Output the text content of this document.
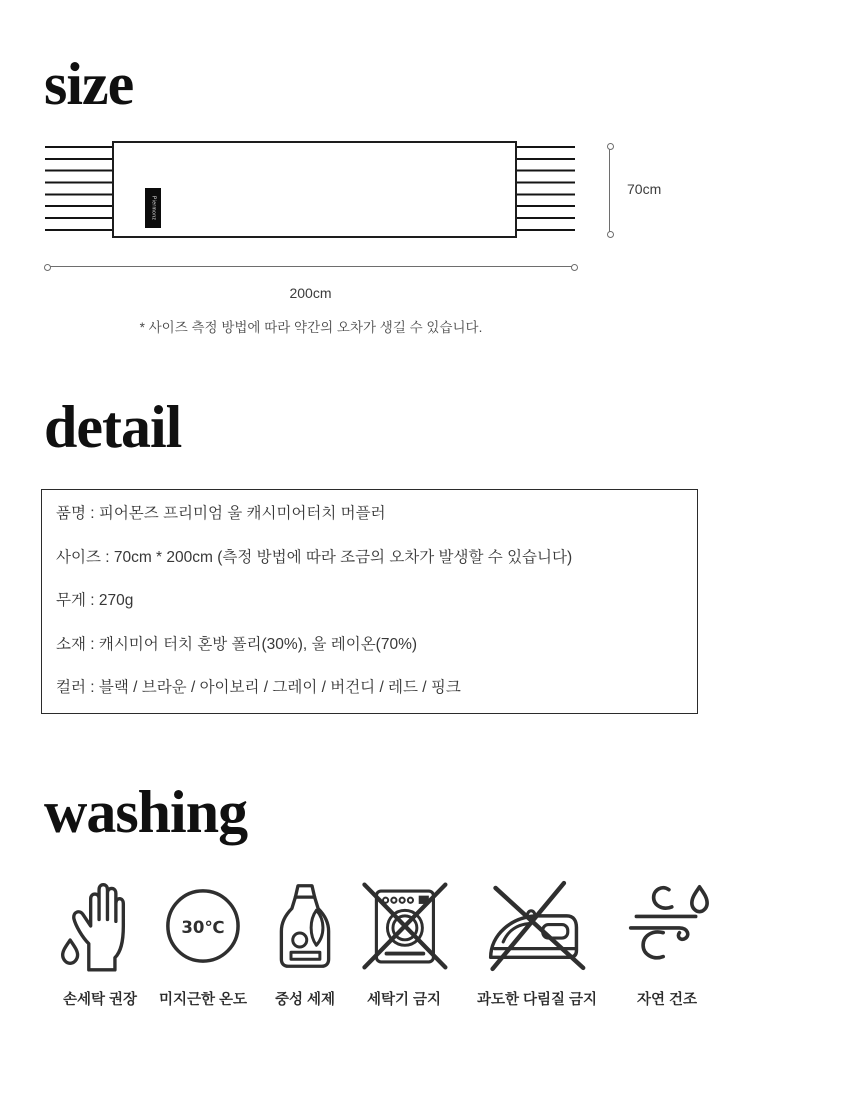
size
Piermonz
70cm
200cm
* 사이즈 측정 방법에 따라 약간의 오차가 생길 수 있습니다.
detail
품명 : 피어몬즈 프리미엄 울 캐시미어터치 머플러
사이즈 : 70cm * 200cm (측정 방법에 따라 조금의 오차가 발생할 수 있습니다)
무게 : 270g
소재 : 캐시미어 터치 혼방 폴리(30%), 울 레이온(70%)
컬러 : 블랙 / 브라운 / 아이보리 / 그레이 / 버건디 / 레드 / 핑크
washing
손세탁 권장
30℃
미지근한 온도 중성 세제 세탁기 금지 과도한 다림질 금지	자연 건조
